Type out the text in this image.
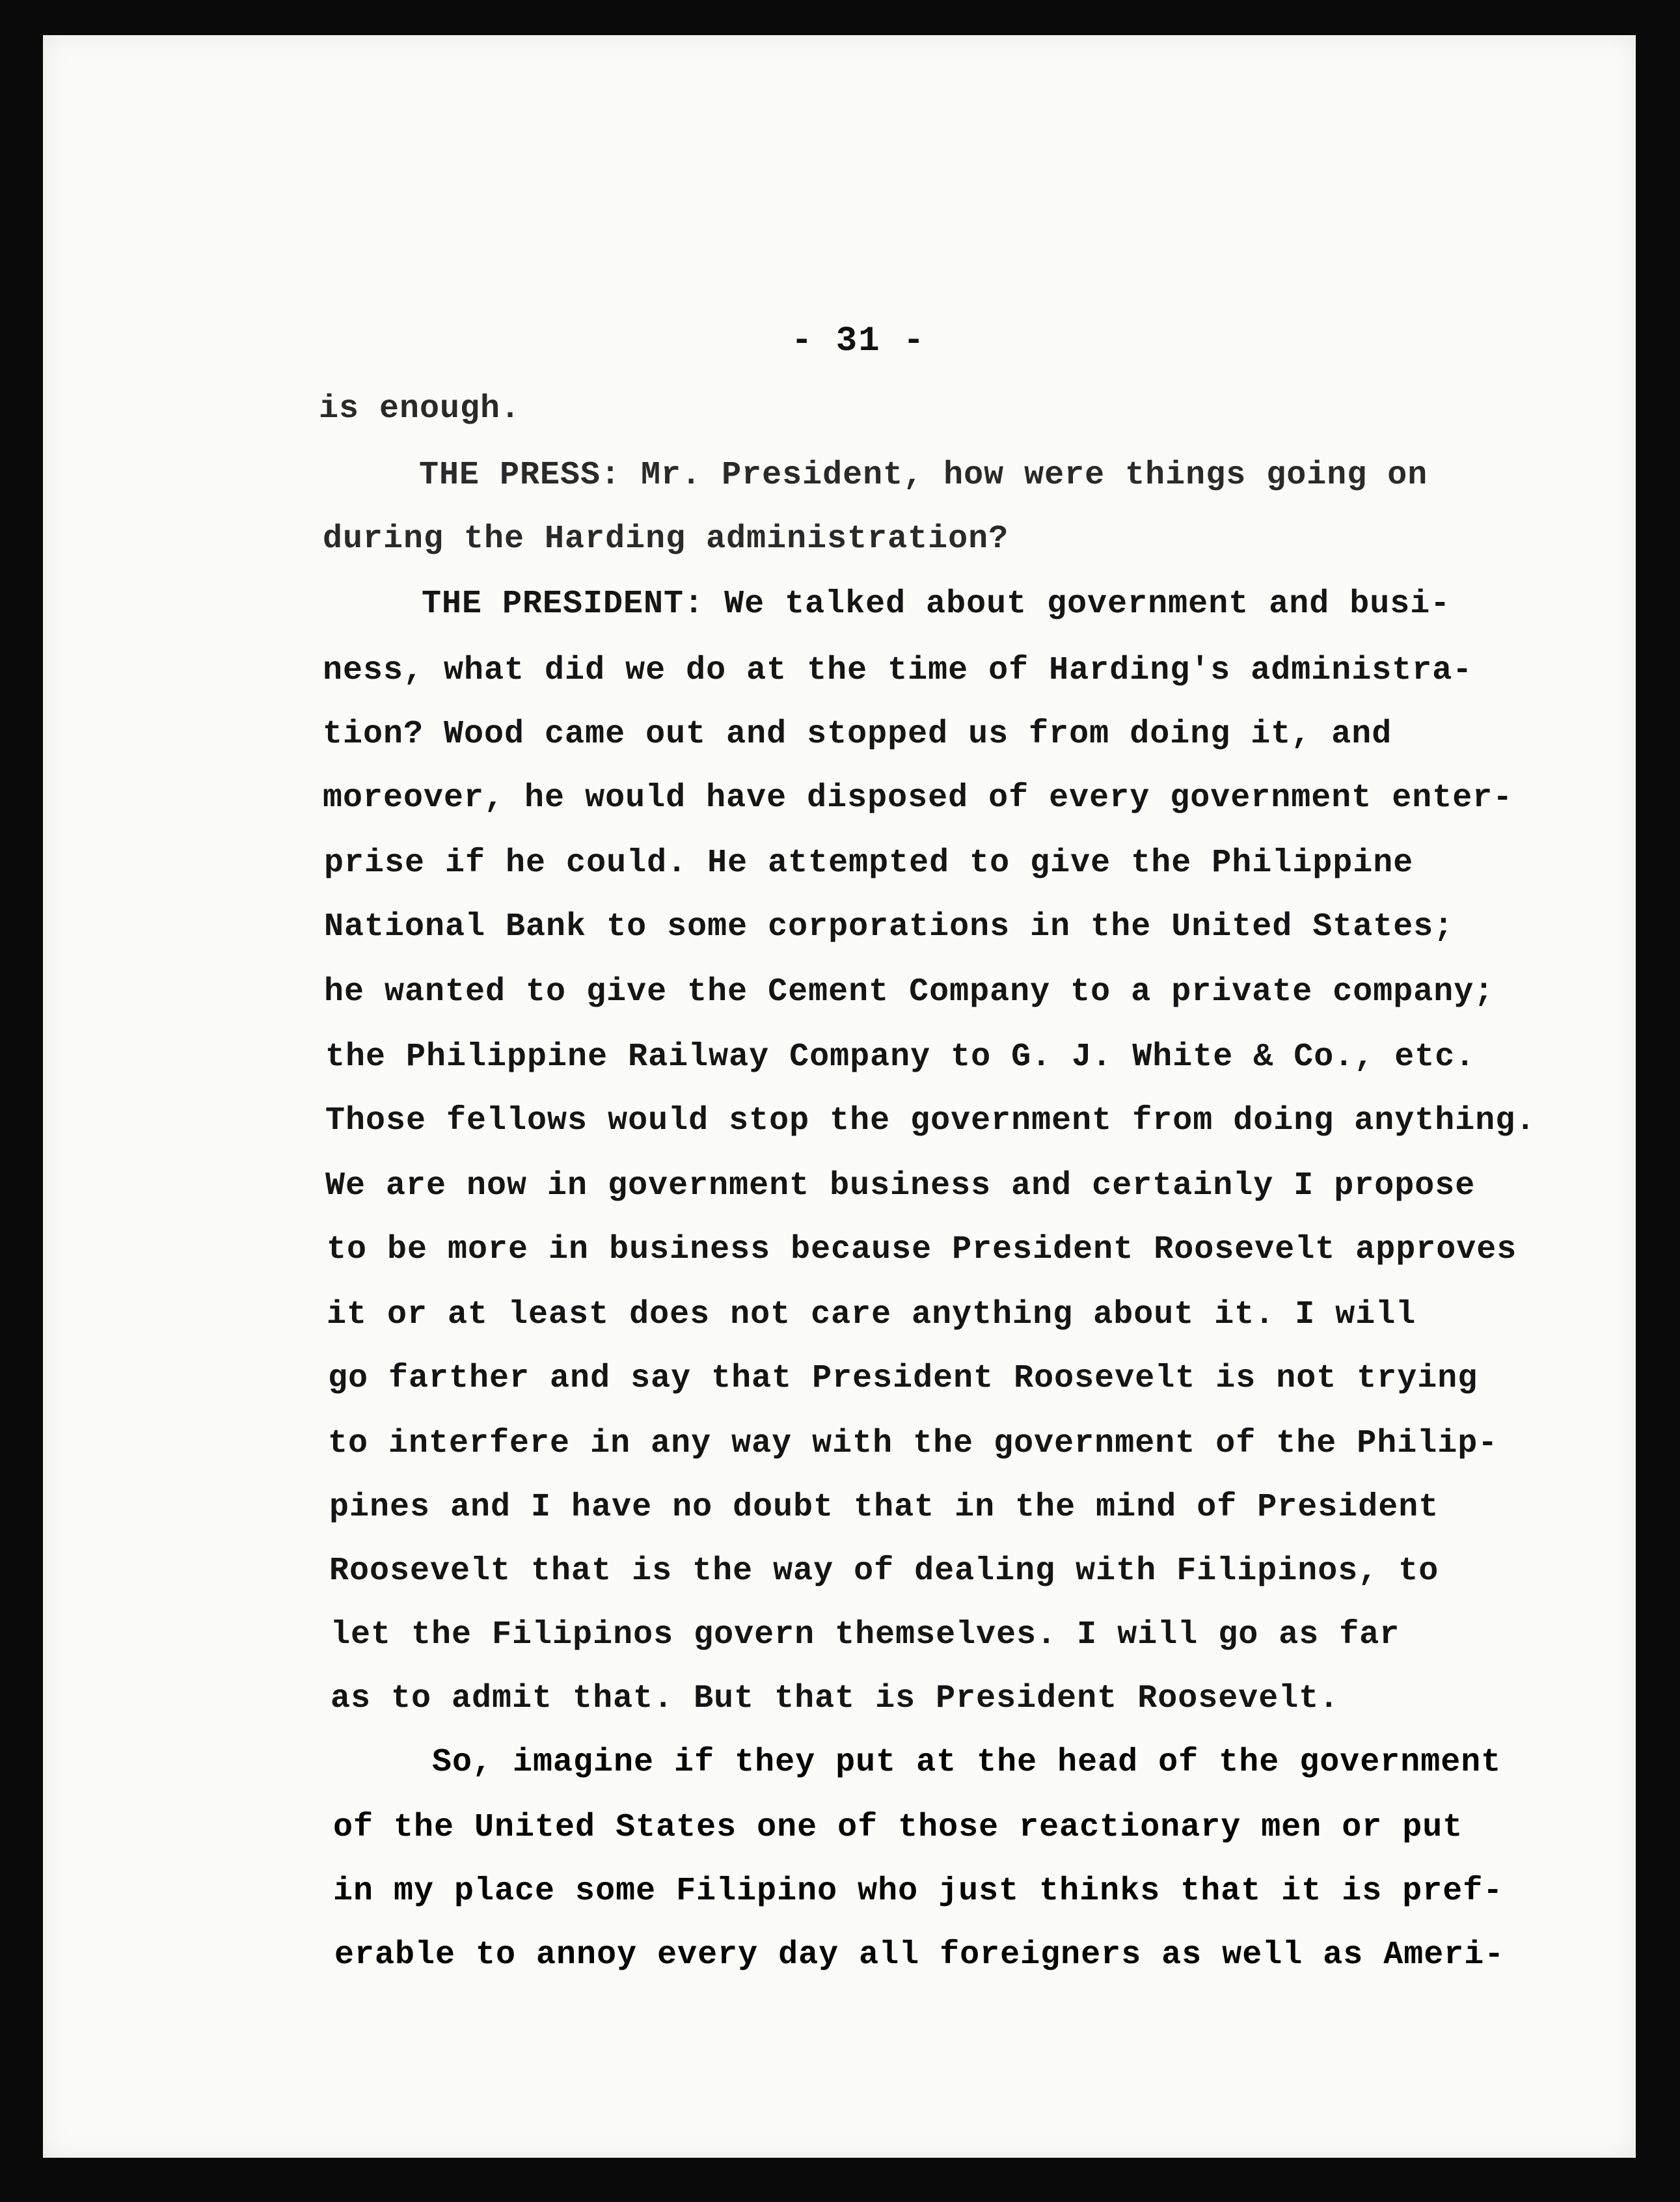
- 31 -
is enough.
THE PRESS: Mr. President, how were things going on
during the Harding administration?
THE PRESIDENT: We talked about government and busi-
ness, what did we do at the time of Harding's administra-
tion? Wood came out and stopped us from doing it, and
moreover, he would have disposed of every government enter-
prise if he could. He attempted to give the Philippine
National Bank to some corporations in the United States;
he wanted to give the Cement Company to a private company;
the Philippine Railway Company to G. J. White & Co., etc.
Those fellows would stop the government from doing anything.
We are now in government business and certainly I propose
to be more in business because President Roosevelt approves
it or at least does not care anything about it. I will
go farther and say that President Roosevelt is not trying
to interfere in any way with the government of the Philip-
pines and I have no doubt that in the mind of President
Roosevelt that is the way of dealing with Filipinos, to
let the Filipinos govern themselves. I will go as far
as to admit that. But that is President Roosevelt.
So, imagine if they put at the head of the government
of the United States one of those reactionary men or put
in my place some Filipino who just thinks that it is pref-
erable to annoy every day all foreigners as well as Ameri-
